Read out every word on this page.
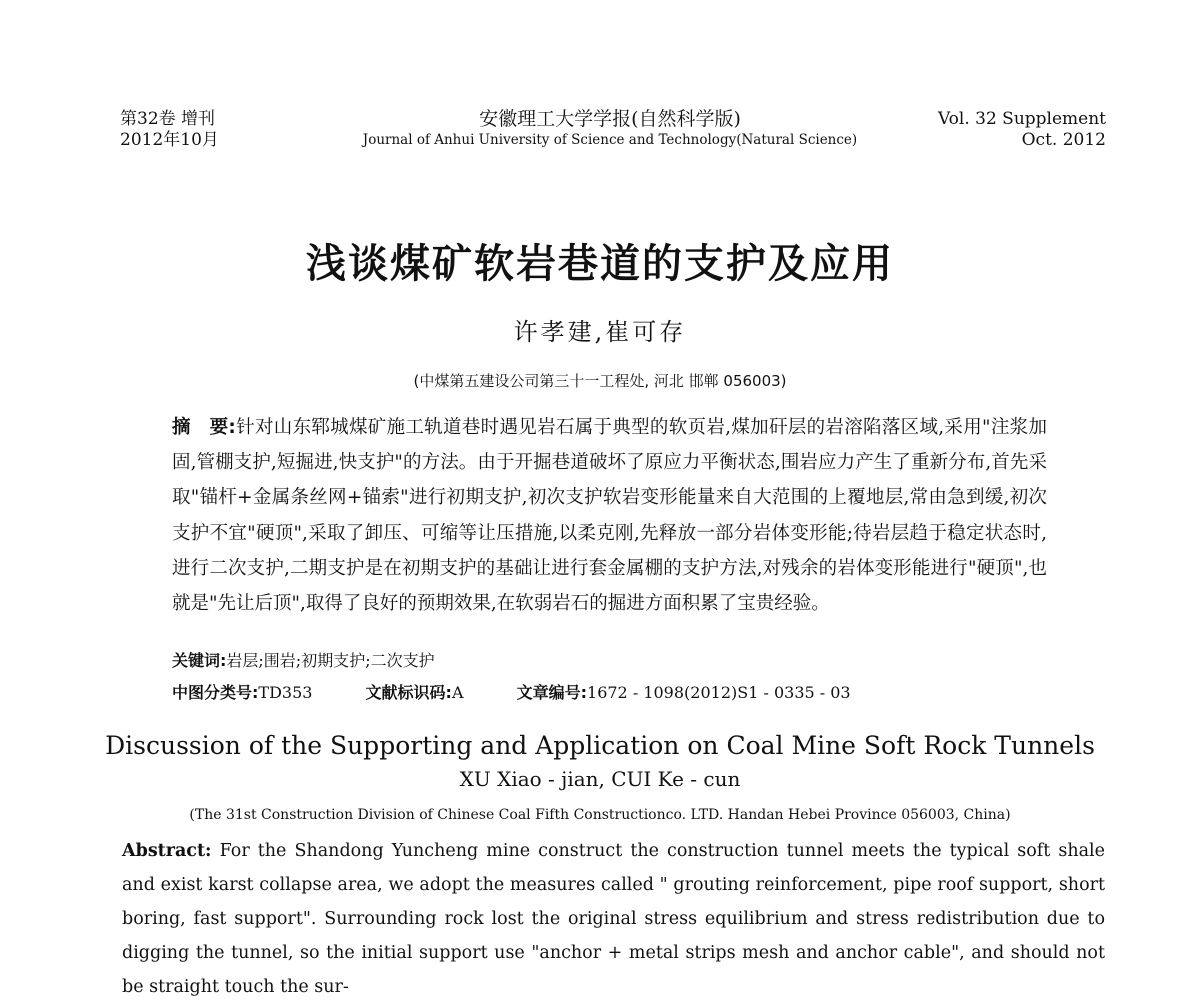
第32卷 增刊
2012年10月
安徽理工大学学报(自然科学版)
Journal of Anhui University of Science and Technology(Natural Science)
Vol. 32 Supplement
Oct. 2012
浅谈煤矿软岩巷道的支护及应用
许孝建,崔可存
(中煤第五建设公司第三十一工程处, 河北 邯郸 056003)
摘　要:针对山东郓城煤矿施工轨道巷时遇见岩石属于典型的软页岩,煤加矸层的岩溶陷落区域,采用"注浆加固,管棚支护,短掘进,快支护"的方法。由于开掘巷道破坏了原应力平衡状态,围岩应力产生了重新分布,首先采取"锚杆+金属条丝网+锚索"进行初期支护,初次支护软岩变形能量来自大范围的上覆地层,常由急到缓,初次支护不宜"硬顶",采取了卸压、可缩等让压措施,以柔克刚,先释放一部分岩体变形能;待岩层趋于稳定状态时,进行二次支护,二期支护是在初期支护的基础让进行套金属棚的支护方法,对残余的岩体变形能进行"硬顶",也就是"先让后顶",取得了良好的预期效果,在软弱岩石的掘进方面积累了宝贵经验。
关键词:岩层;围岩;初期支护;二次支护
中图分类号:TD353	文献标识码:A	文章编号:1672 - 1098(2012)S1 - 0335 - 03
Discussion of the Supporting and Application on Coal Mine Soft Rock Tunnels
XU Xiao - jian, CUI Ke - cun
(The 31st Construction Division of Chinese Coal Fifth Constructionco. LTD. Handan Hebei Province 056003, China)
Abstract: For the Shandong Yuncheng mine construct the construction tunnel meets the typical soft shale and exist karst collapse area, we adopt the measures called " grouting reinforcement, pipe roof support, short boring, fast support". Surrounding rock lost the original stress equilibrium and stress redistribution due to digging the tunnel, so the initial support use "anchor + metal strips mesh and anchor cable", and should not be straight touch the sur-
